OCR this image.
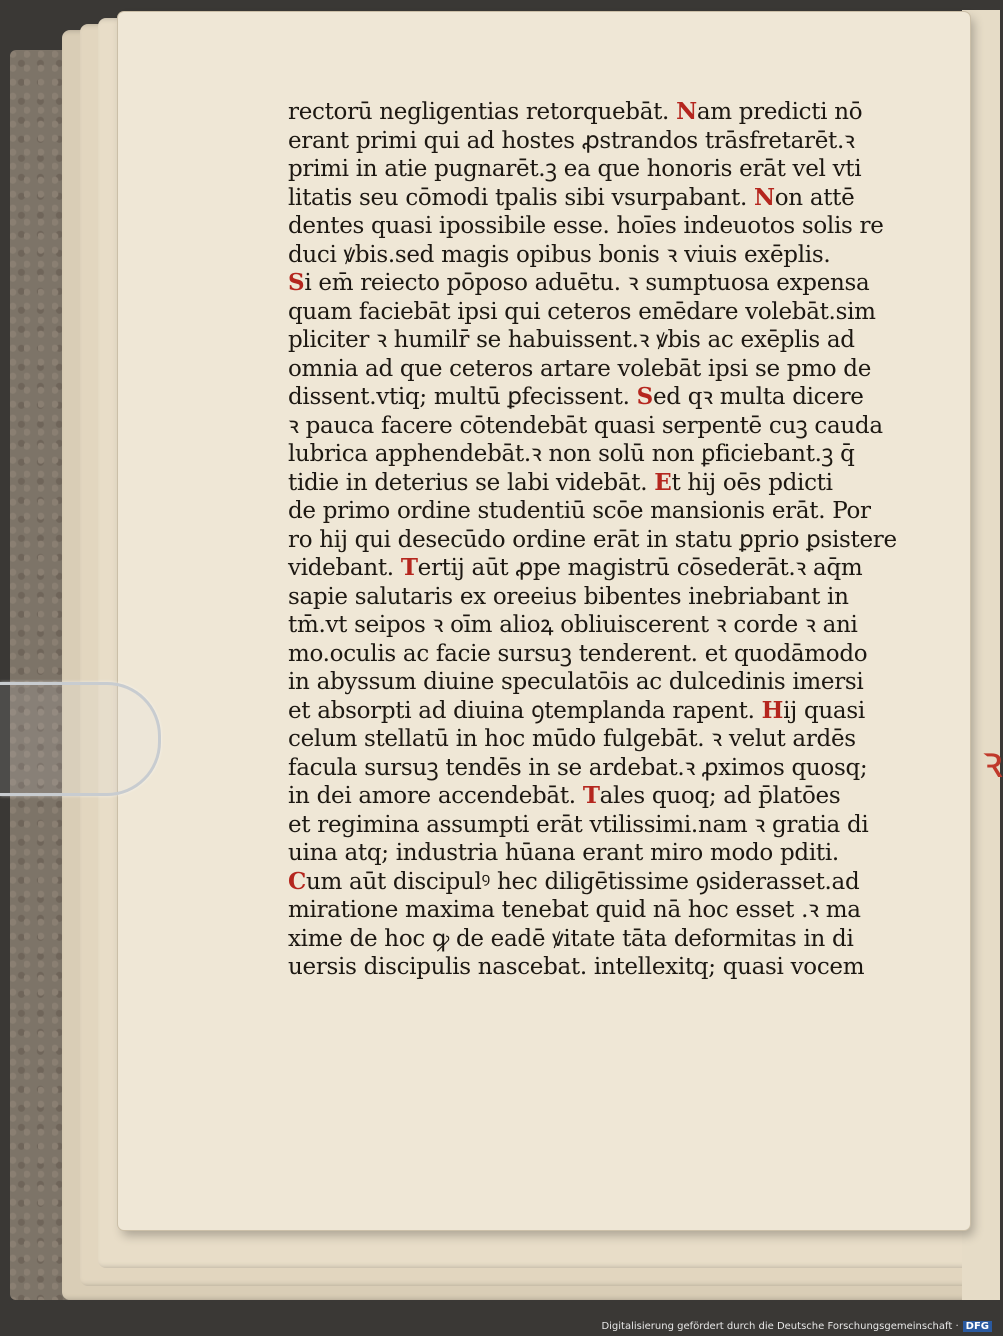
ꝛ
rectorū negligentias retorquebāt. Nam predicti nō
erant primi qui ad hostes ꝓstrandos trāsfretarēt.ꝛ
primi in atie pugnarēt.ꝫ ea que honoris erāt vel vti
litatis seu cōmodi tpalis sibi vsurpabant. Non attē
dentes quasi ipossibile esse. hoīes indeuotos solis re
duci ꝟbis.sed magis opibus bonis ꝛ viuis exēplis.
Si em̄ reiecto pōposo aduētu. ꝛ sumptuosa expensa
quam faciebāt ipsi qui ceteros emēdare volebāt.sim
pliciter ꝛ humilr̄ se habuissent.ꝛ ꝟbis ac exēplis ad
omnia ad que ceteros artare volebāt ipsi se pmo de
dissent.vtiq; multū ꝑfecissent. Sed qꝛ multa dicere
ꝛ pauca facere cōtendebāt quasi serpentē cuꝫ cauda
lubrica apphendebāt.ꝛ non solū non ꝑficiebant.ꝫ q̄
tidie in deterius se labi videbāt. Et hij oēs pdicti
de primo ordine studentiū scōe mansionis erāt. Por
ro hij qui desecūdo ordine erāt in statu ꝑprio ꝑsistere
videbant. Tertij aūt ꝓpe magistrū cōsederāt.ꝛ aq̄m
sapie salutaris ex oreeius bibentes inebriabant in
tm̄.vt seipos ꝛ oīm alioꝝ obliuiscerent ꝛ corde ꝛ ani
mo.oculis ac facie sursuꝫ tenderent. et quodāmodo
in abyssum diuine speculatōis ac dulcedinis imersi
et absorpti ad diuina ꝯtemplanda rapent. Hij quasi
celum stellatū in hoc mūdo fulgebāt. ꝛ velut ardēs
facula sursuꝫ tendēs in se ardebat.ꝛ ꝓximos quosq;
in dei amore accendebāt. Tales quoq; ad p̄latōes
et regimina assumpti erāt vtilissimi.nam ꝛ gratia di
uina atq; industria hūana erant miro modo pditi.
Cum aūt discipulꝰ hec diligētissime ꝯsiderasset.ad
miratione maxima tenebat quid nā hoc esset .ꝛ ma
xime de hoc ꝙ de eadē ꝟitate tāta deformitas in di
uersis discipulis nascebat. intellexitq; quasi vocem
Digitalisierung gefördert durch die Deutsche Forschungsgemeinschaft · DFG
